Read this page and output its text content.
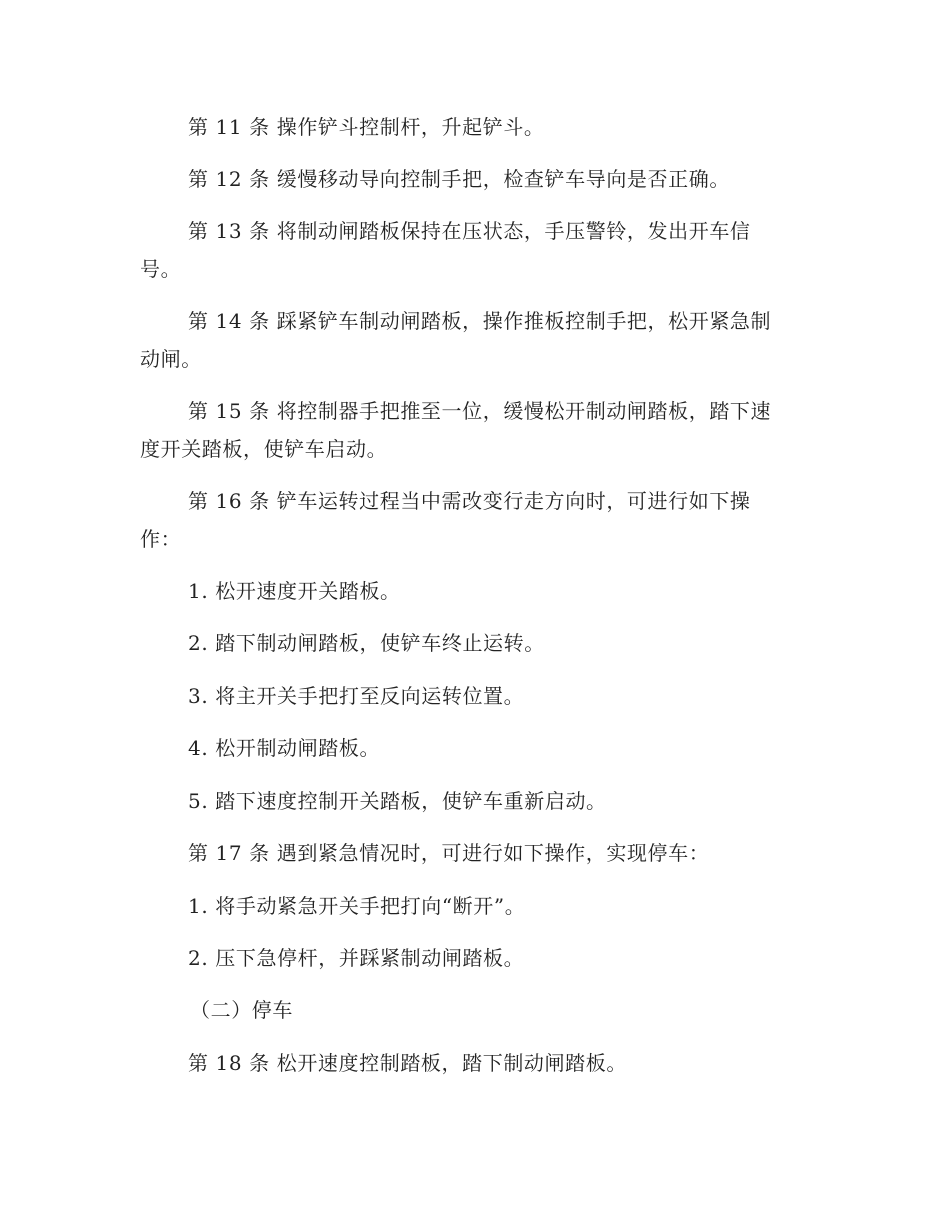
第 11 条 操作铲斗控制杆，升起铲斗。
第 12 条 缓慢移动导向控制手把，检查铲车导向是否正确。
第 13 条 将制动闸踏板保持在压状态，手压警铃，发出开车信
号。
第 14 条 踩紧铲车制动闸踏板，操作推板控制手把，松开紧急制
动闸。
第 15 条 将控制器手把推至一位，缓慢松开制动闸踏板，踏下速
度开关踏板，使铲车启动。
第 16 条 铲车运转过程当中需改变行走方向时，可进行如下操
作：
1. 松开速度开关踏板。
2. 踏下制动闸踏板，使铲车终止运转。
3. 将主开关手把打至反向运转位置。
4. 松开制动闸踏板。
5. 踏下速度控制开关踏板，使铲车重新启动。
第 17 条 遇到紧急情况时，可进行如下操作，实现停车：
1. 将手动紧急开关手把打向“断开”。
2. 压下急停杆，并踩紧制动闸踏板。
（二）停车
第 18 条 松开速度控制踏板，踏下制动闸踏板。
